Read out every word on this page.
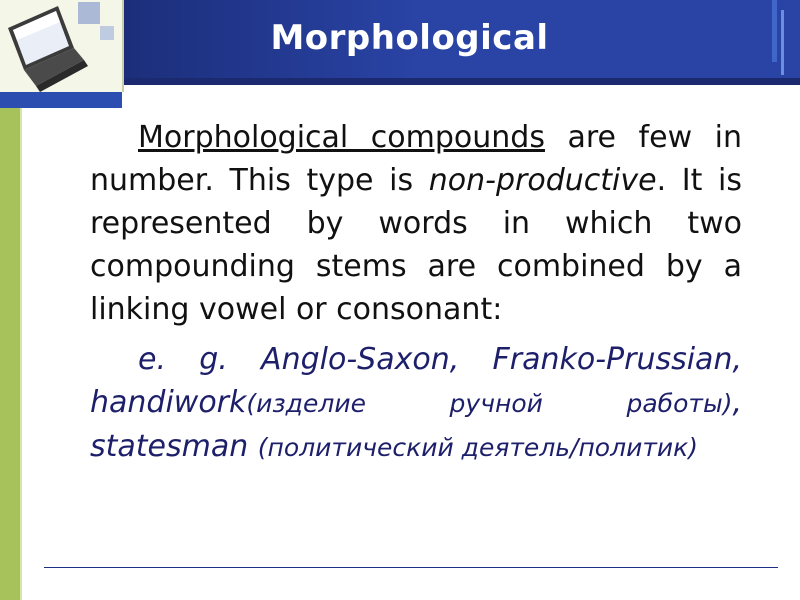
Morphological

Morphological compounds are few in number. This type is non-productive. It is represented by words in which two compounding stems are combined by a linking vowel or consonant:

e. g. Anglo-Saxon, Franko-Prussian, handiwork(изделие ручной работы), statesman (политический деятель/политик)
